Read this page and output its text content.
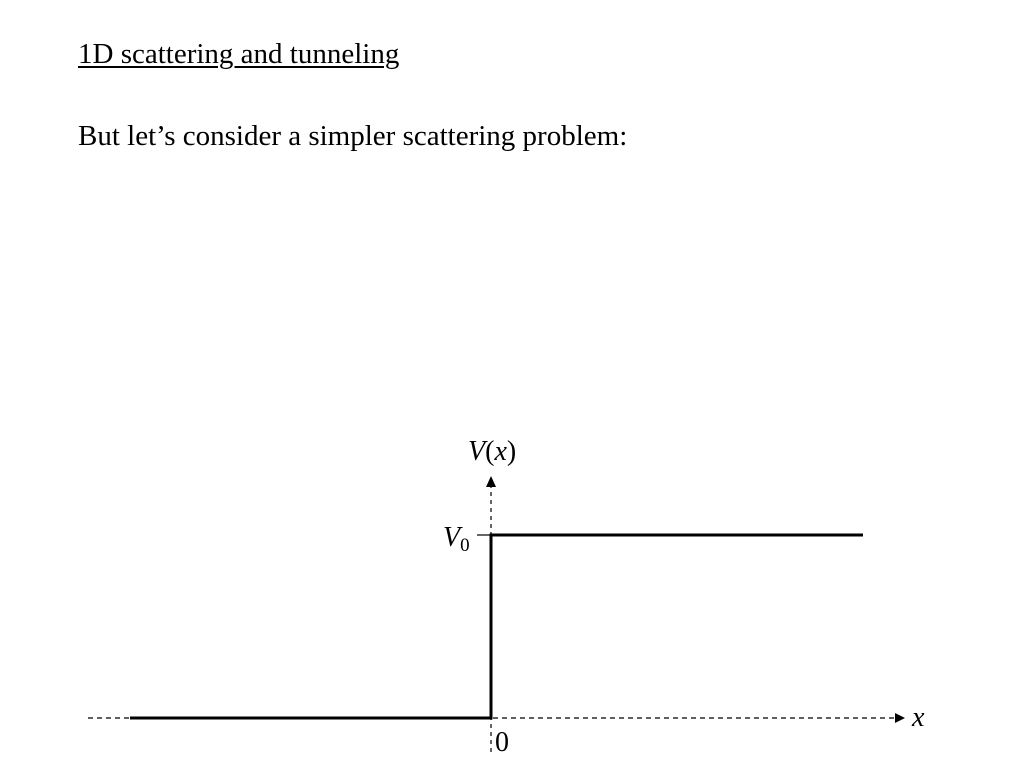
1D scattering and tunneling
But let’s consider a simpler scattering problem:
V(x)
V0
x
0
